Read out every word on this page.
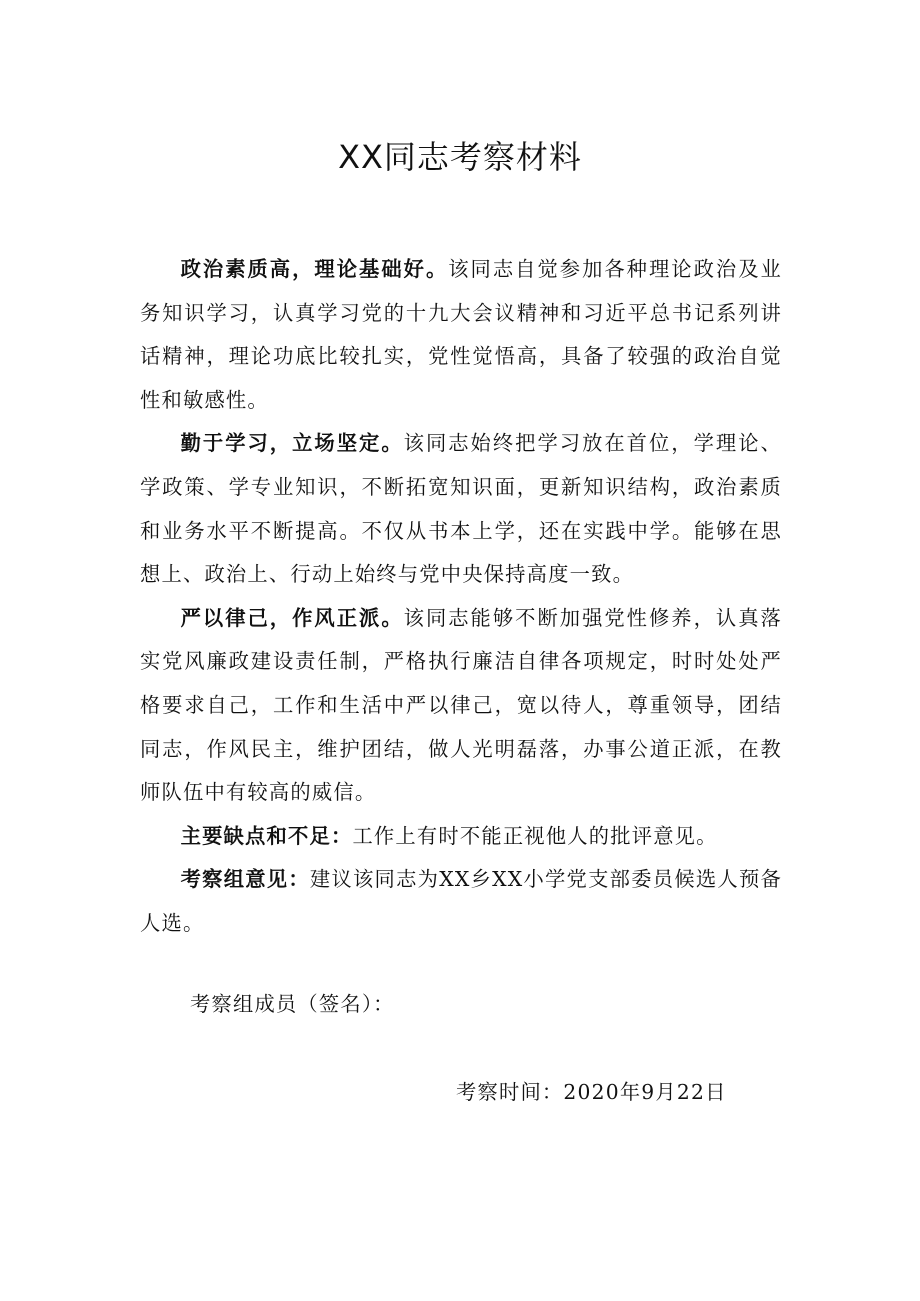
XX同志考察材料

政治素质高，理论基础好。该同志自觉参加各种理论政治及业务知识学习，认真学习党的十九大会议精神和习近平总书记系列讲话精神，理论功底比较扎实，党性觉悟高，具备了较强的政治自觉性和敏感性。

勤于学习，立场坚定。该同志始终把学习放在首位，学理论、学政策、学专业知识，不断拓宽知识面，更新知识结构，政治素质和业务水平不断提高。不仅从书本上学，还在实践中学。能够在思想上、政治上、行动上始终与党中央保持高度一致。

严以律己，作风正派。该同志能够不断加强党性修养，认真落实党风廉政建设责任制，严格执行廉洁自律各项规定，时时处处严格要求自己，工作和生活中严以律己，宽以待人，尊重领导，团结同志，作风民主，维护团结，做人光明磊落，办事公道正派，在教师队伍中有较高的威信。

主要缺点和不足：工作上有时不能正视他人的批评意见。

考察组意见：建议该同志为XX乡XX小学党支部委员候选人预备人选。

考察组成员（签名）：
考察时间：2020年9月22日
